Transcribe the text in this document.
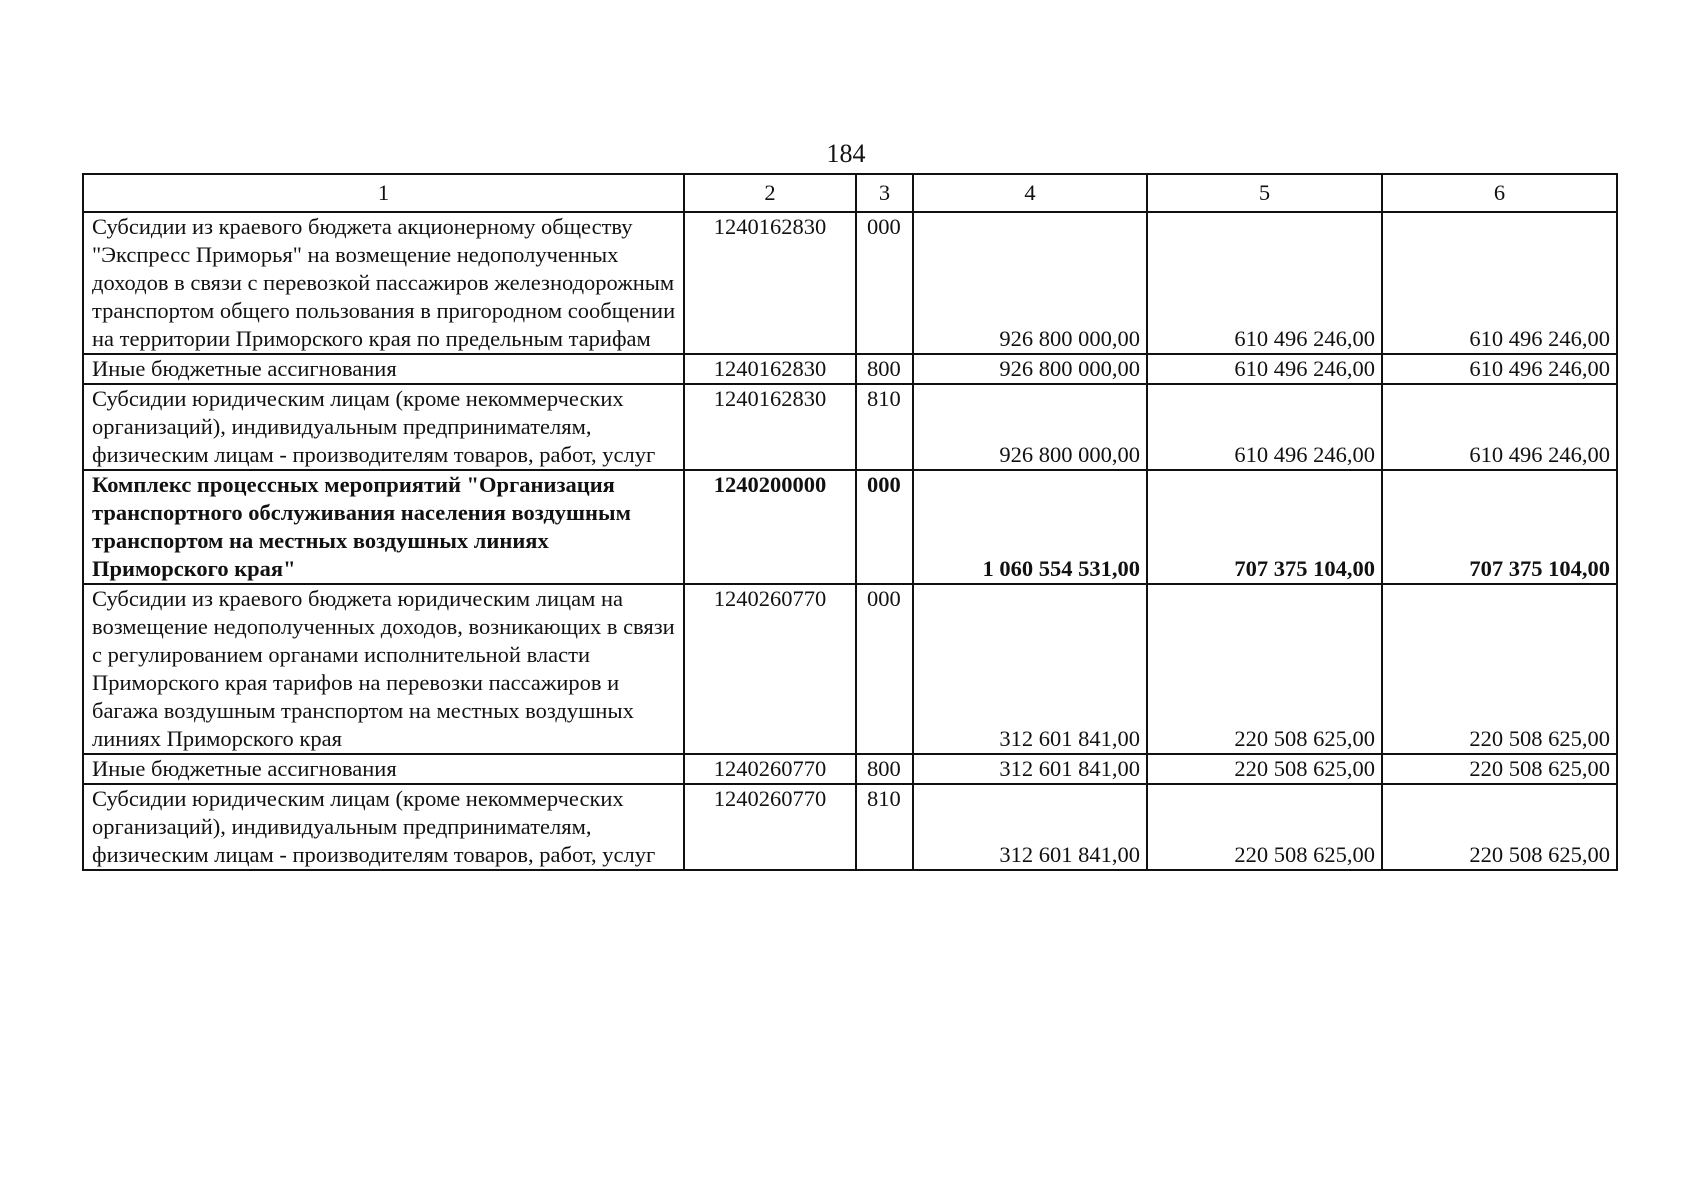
184
1	2	3	4	5	6
Субсидии из краевого бюджета акционерному обществу "Экспресс Приморья" на возмещение недополученных доходов в связи с перевозкой пассажиров железнодорожным транспортом общего пользования в пригородном сообщении на территории Приморского края по предельным тарифам	1240162830	000	926 800 000,00	610 496 246,00	610 496 246,00
Иные бюджетные ассигнования	1240162830	800	926 800 000,00	610 496 246,00	610 496 246,00
Субсидии юридическим лицам (кроме некоммерческих организаций), индивидуальным предпринимателям, физическим лицам - производителям товаров, работ, услуг	1240162830	810	926 800 000,00	610 496 246,00	610 496 246,00
Комплекс процессных мероприятий "Организация транспортного обслуживания населения воздушным транспортом на местных воздушных линиях Приморского края"	1240200000	000	1 060 554 531,00	707 375 104,00	707 375 104,00
Субсидии из краевого бюджета юридическим лицам на возмещение недополученных доходов, возникающих в связи с регулированием органами исполнительной власти Приморского края тарифов на перевозки пассажиров и багажа воздушным транспортом на местных воздушных линиях Приморского края	1240260770	000	312 601 841,00	220 508 625,00	220 508 625,00
Иные бюджетные ассигнования	1240260770	800	312 601 841,00	220 508 625,00	220 508 625,00
Субсидии юридическим лицам (кроме некоммерческих организаций), индивидуальным предпринимателям, физическим лицам - производителям товаров, работ, услуг	1240260770	810	312 601 841,00	220 508 625,00	220 508 625,00
